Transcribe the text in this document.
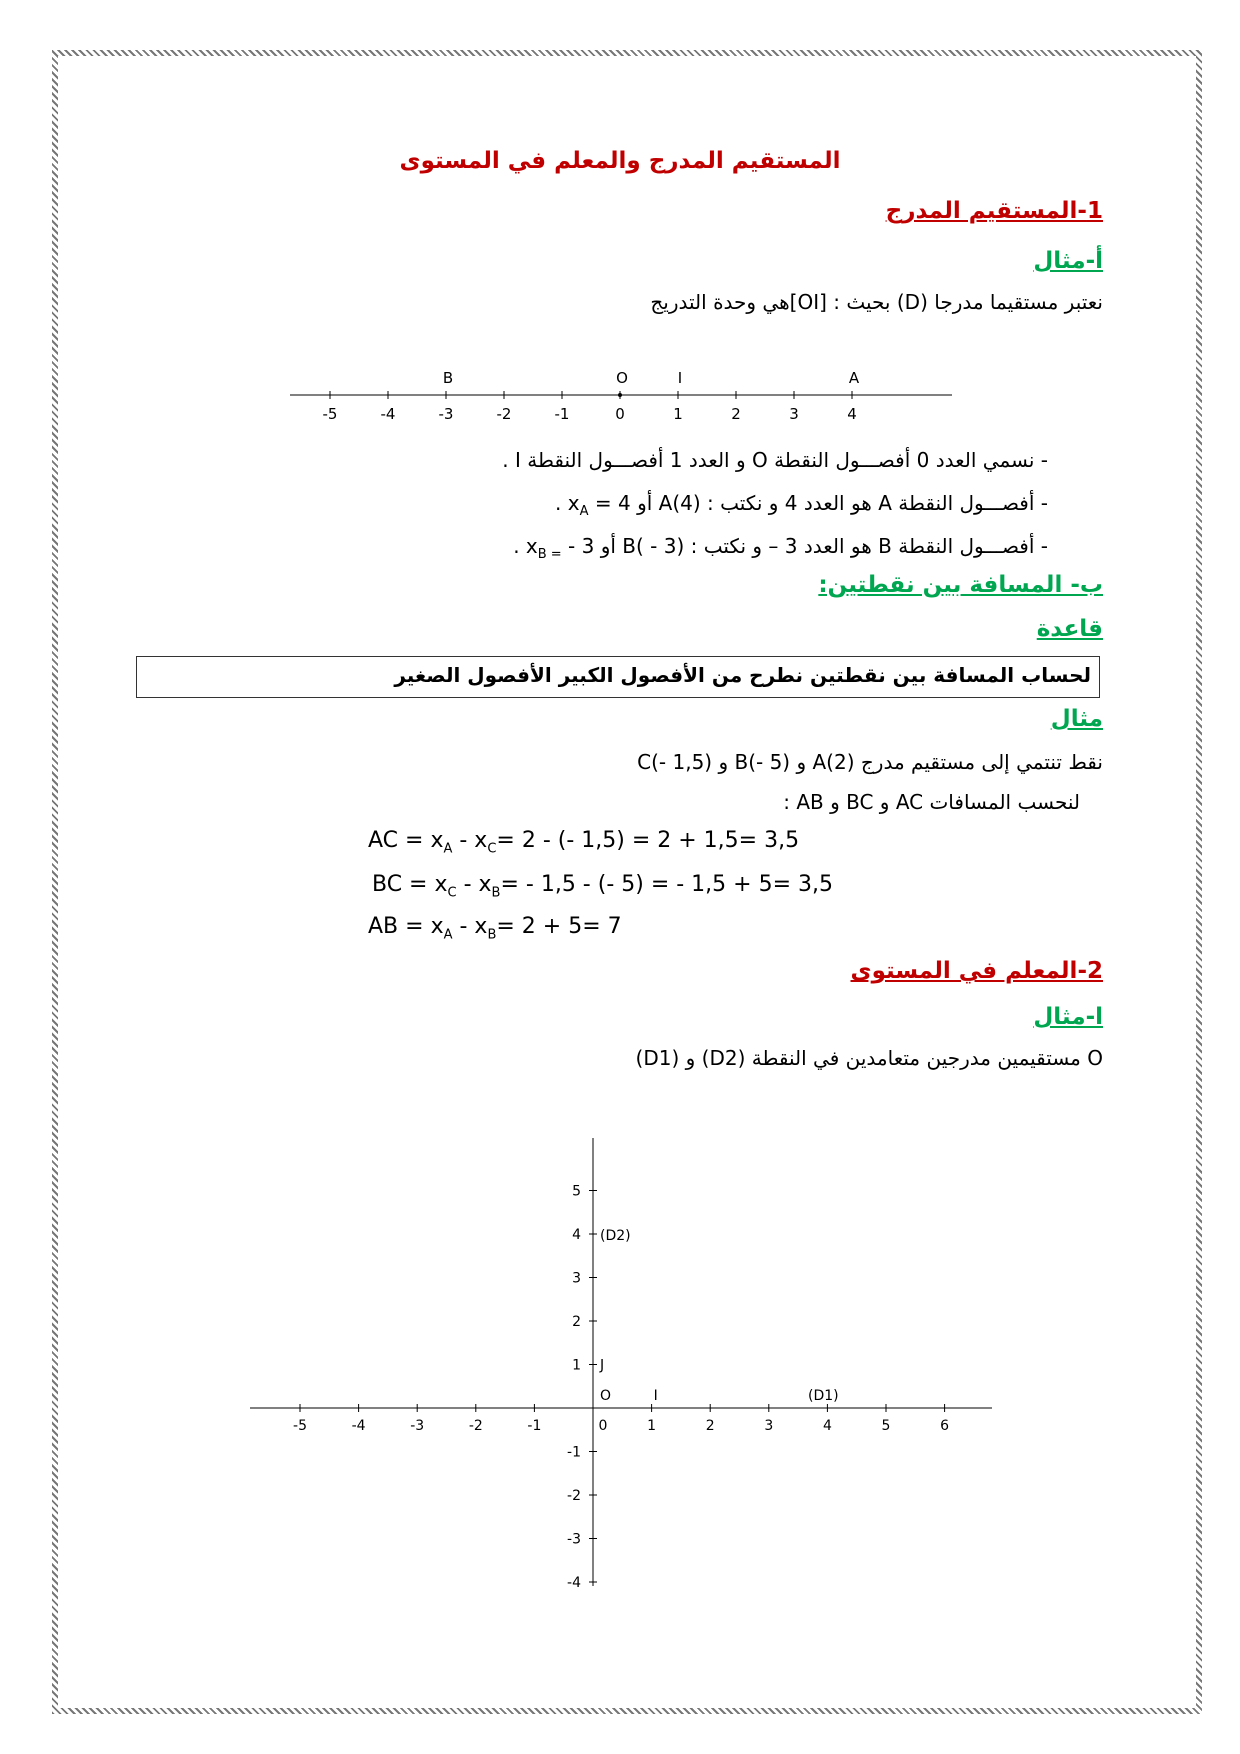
المستقيم المدرج والمعلم في المستوى
1-المستقيم المدرج
أ-مثال
نعتبر مستقيما مدرجا (D) بحيث : [OI]هي وحدة التدريج
-5	-4	-3	-2	-1	0	1	2	3	4
B	O	I	A
- نسمي العدد 0 أفصـــول النقطة O و العدد 1 أفصـــول النقطة I .
- أفصـــول النقطة A هو العدد 4 و نكتب : A(4) أو $x_A = 4$ .
- أفصـــول النقطة B هو العدد 3 – و نكتب : B( - 3) أو $x_{B =} - 3$ .
ب- المسافة بين نقطتين:
قاعدة
لحساب المسافة بين نقطتين نطرح من الأفصول الكبير الأفصول الصغير
مثال
C(- 1,5) و B(- 5) و A(2) نقط تنتمي إلى مستقيم مدرج
لنحسب المسافات AC و BC و AB :
AC = $x_A - x_C= 2$ - (- 1,5) = 2 + 1,5= 3,5
BC = $x_C - x_B= - 1,5$ - (- 5) = - 1,5 + 5= 3,5
AB = $x_A - x_B= 2 + 5= 7$
2-المعلم في المستوى
ا-مثال
(D1) و (D2) مستقيمين مدرجين متعامدين في النقطة O
-5	-4	-3	-2	-1	0	1	2	3	4	5	6
5
4
3
2
1
-1
-2
-3
-4
(D1)
(D2)
O	I
J
